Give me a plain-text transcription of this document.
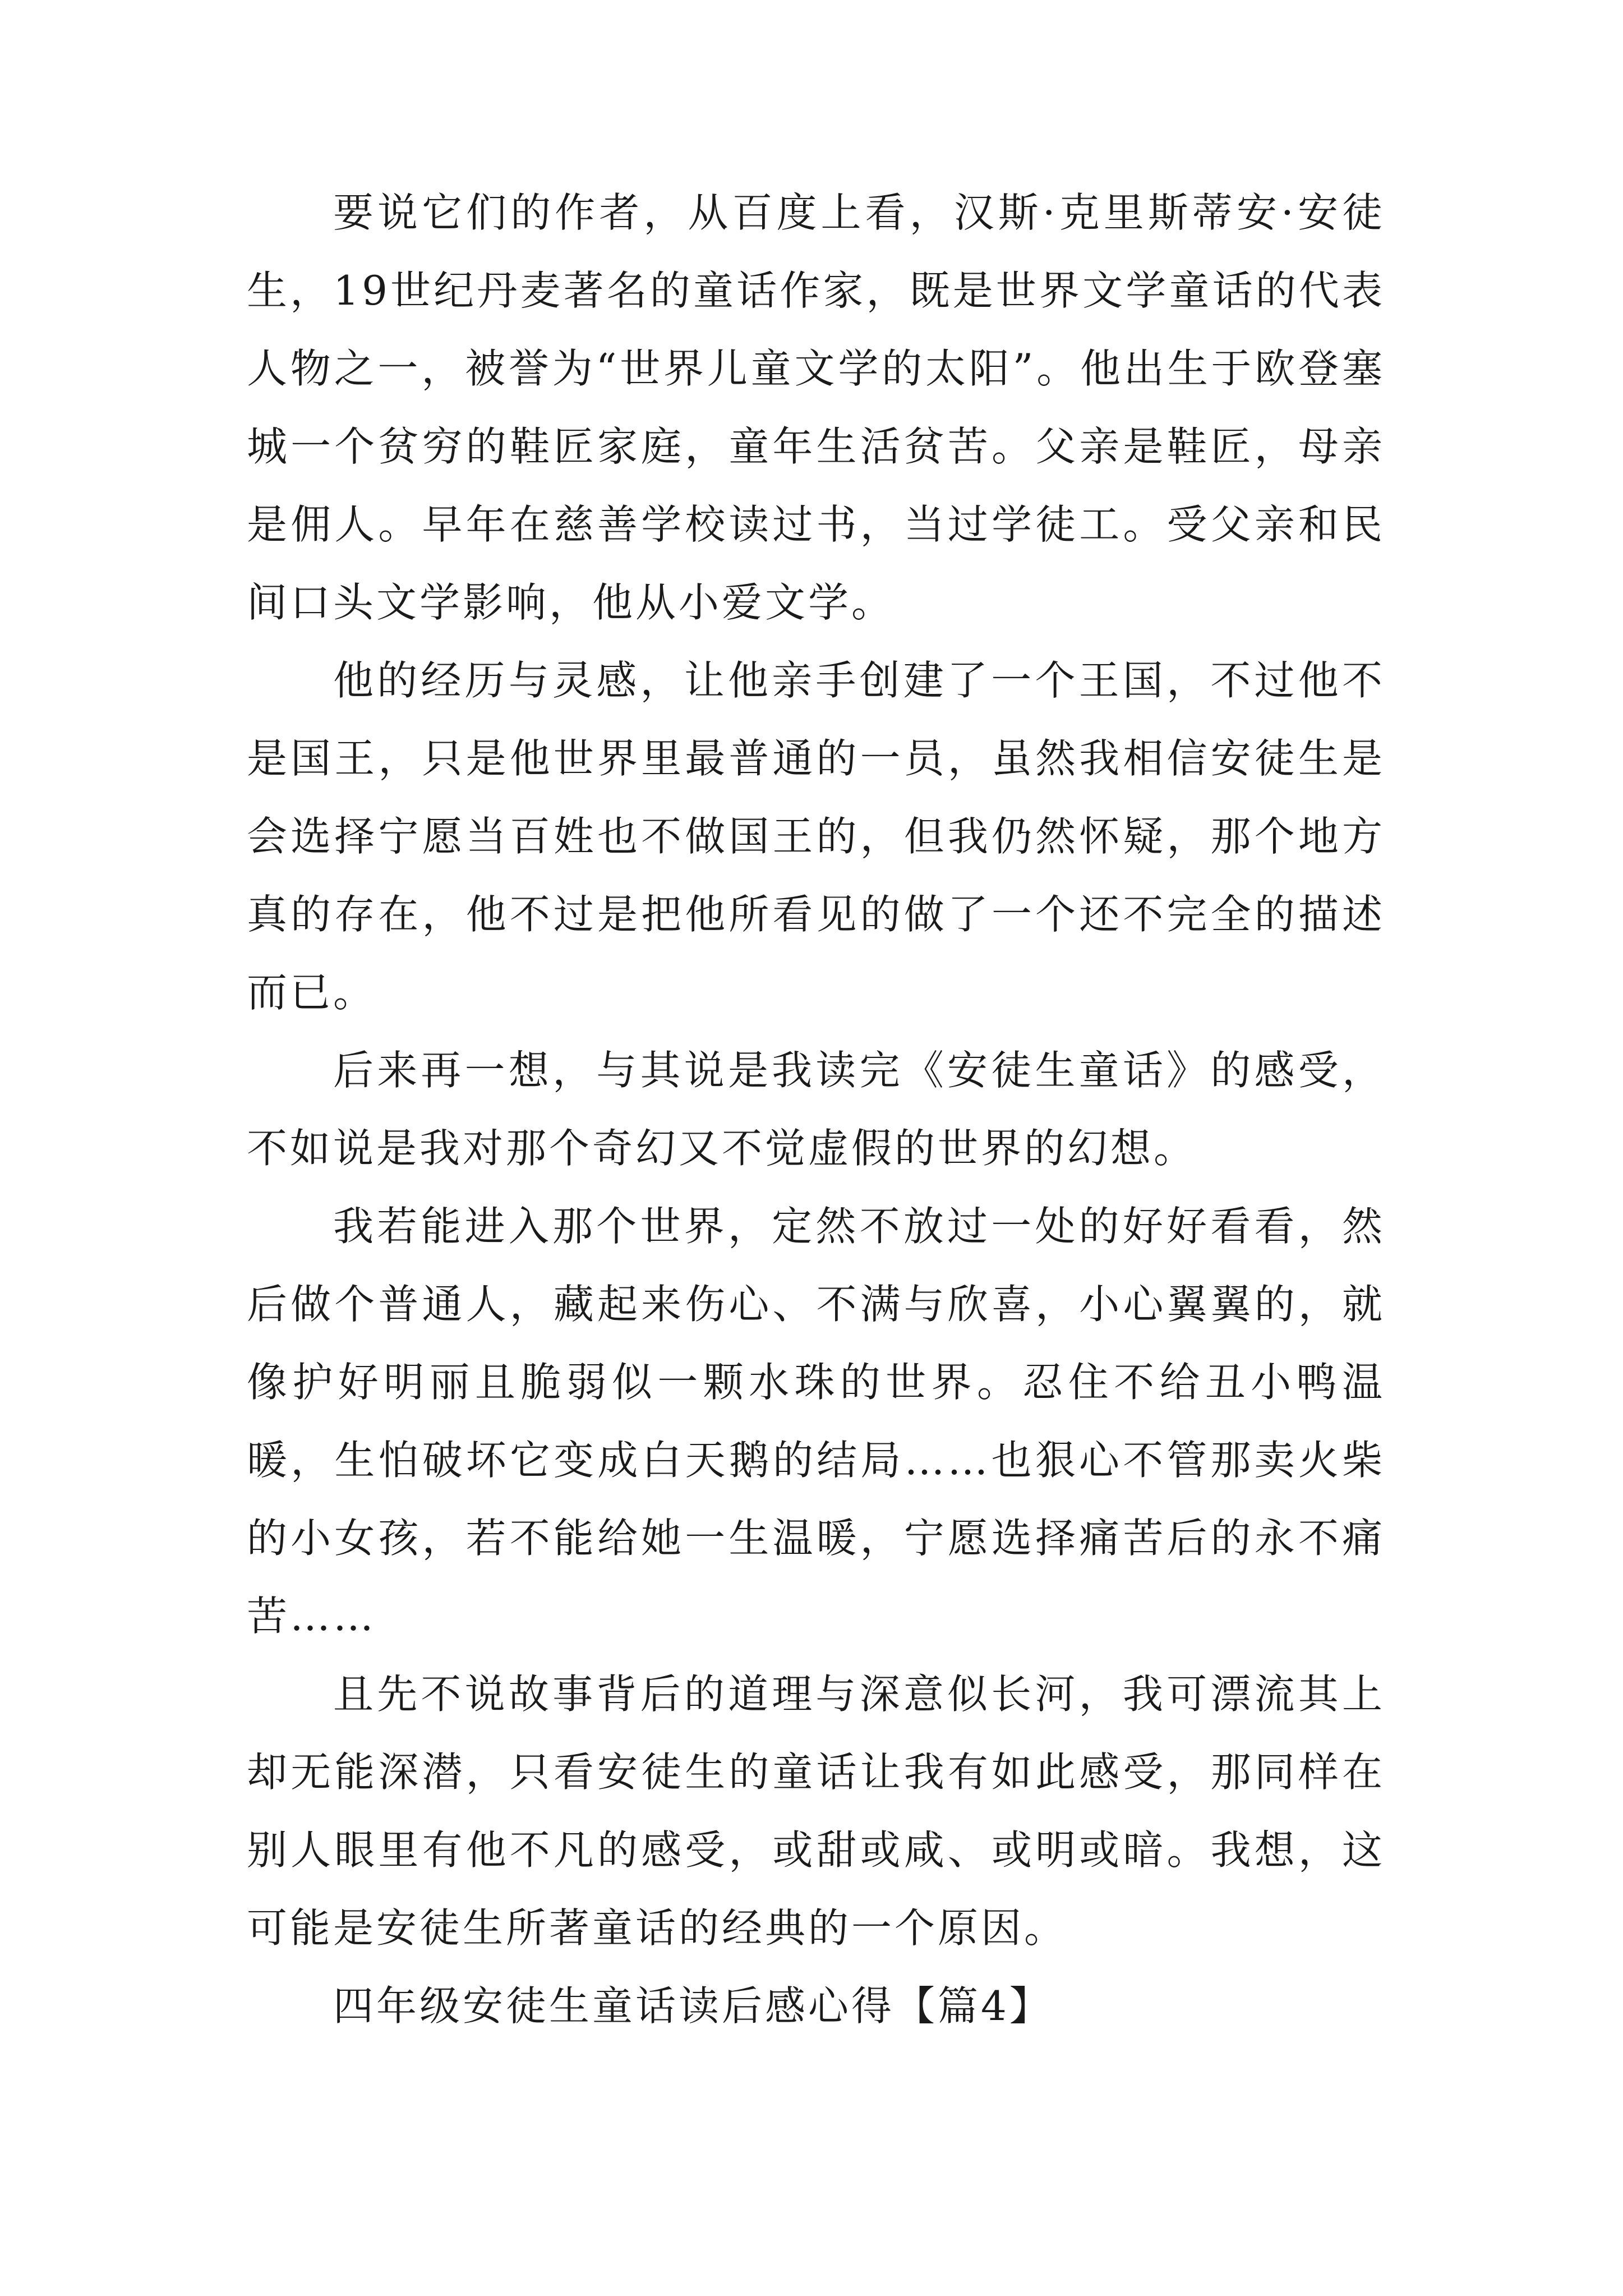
要说它们的作者，从百度上看，汉斯·克里斯蒂安·安徒生，19世纪丹麦著名的童话作家，既是世界文学童话的代表人物之一，被誉为“世界儿童文学的太阳”。他出生于欧登塞城一个贫穷的鞋匠家庭，童年生活贫苦。父亲是鞋匠，母亲是佣人。早年在慈善学校读过书，当过学徒工。受父亲和民间口头文学影响，他从小爱文学。

他的经历与灵感，让他亲手创建了一个王国，不过他不是国王，只是他世界里最普通的一员，虽然我相信安徒生是会选择宁愿当百姓也不做国王的，但我仍然怀疑，那个地方真的存在，他不过是把他所看见的做了一个还不完全的描述而已。

后来再一想，与其说是我读完《安徒生童话》的感受，不如说是我对那个奇幻又不觉虚假的世界的幻想。

我若能进入那个世界，定然不放过一处的好好看看，然后做个普通人，藏起来伤心、不满与欣喜，小心翼翼的，就像护好明丽且脆弱似一颗水珠的世界。忍住不给丑小鸭温暖，生怕破坏它变成白天鹅的结局……也狠心不管那卖火柴的小女孩，若不能给她一生温暖，宁愿选择痛苦后的永不痛苦……

且先不说故事背后的道理与深意似长河，我可漂流其上却无能深潜，只看安徒生的童话让我有如此感受，那同样在别人眼里有他不凡的感受，或甜或咸、或明或暗。我想，这可能是安徒生所著童话的经典的一个原因。

四年级安徒生童话读后感心得【篇4】
